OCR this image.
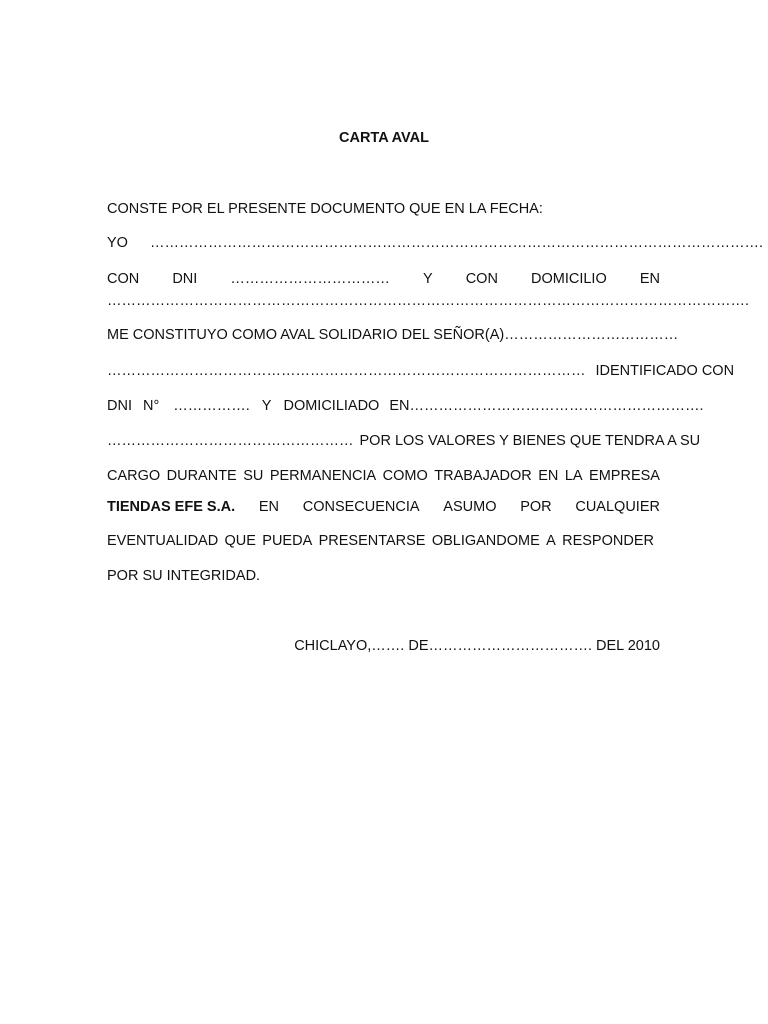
CARTA AVAL
CONSTE POR EL PRESENTE DOCUMENTO QUE EN LA FECHA:
YO ……………………………………………………………………………………………………………….
CON DNI …………………………… Y CON DOMICILIO EN
…………………………………………………………………………………………………………………….
ME CONSTITUYO COMO AVAL SOLIDARIO DEL SEÑOR(A)………………………………
……………………………………………………………………………………… IDENTIFICADO CON
DNI N° ……………. Y DOMICILIADO EN…………………………………………………….
…………………………………………… POR LOS VALORES Y BIENES QUE TENDRA A SU
CARGO DURANTE SU PERMANENCIA COMO TRABAJADOR EN LA EMPRESA
TIENDAS EFE S.A. EN CONSECUENCIA ASUMO POR CUALQUIER
EVENTUALIDAD QUE PUEDA PRESENTARSE OBLIGANDOME A RESPONDER
POR SU INTEGRIDAD.
CHICLAYO,……. DE……………………………. DEL 2010
